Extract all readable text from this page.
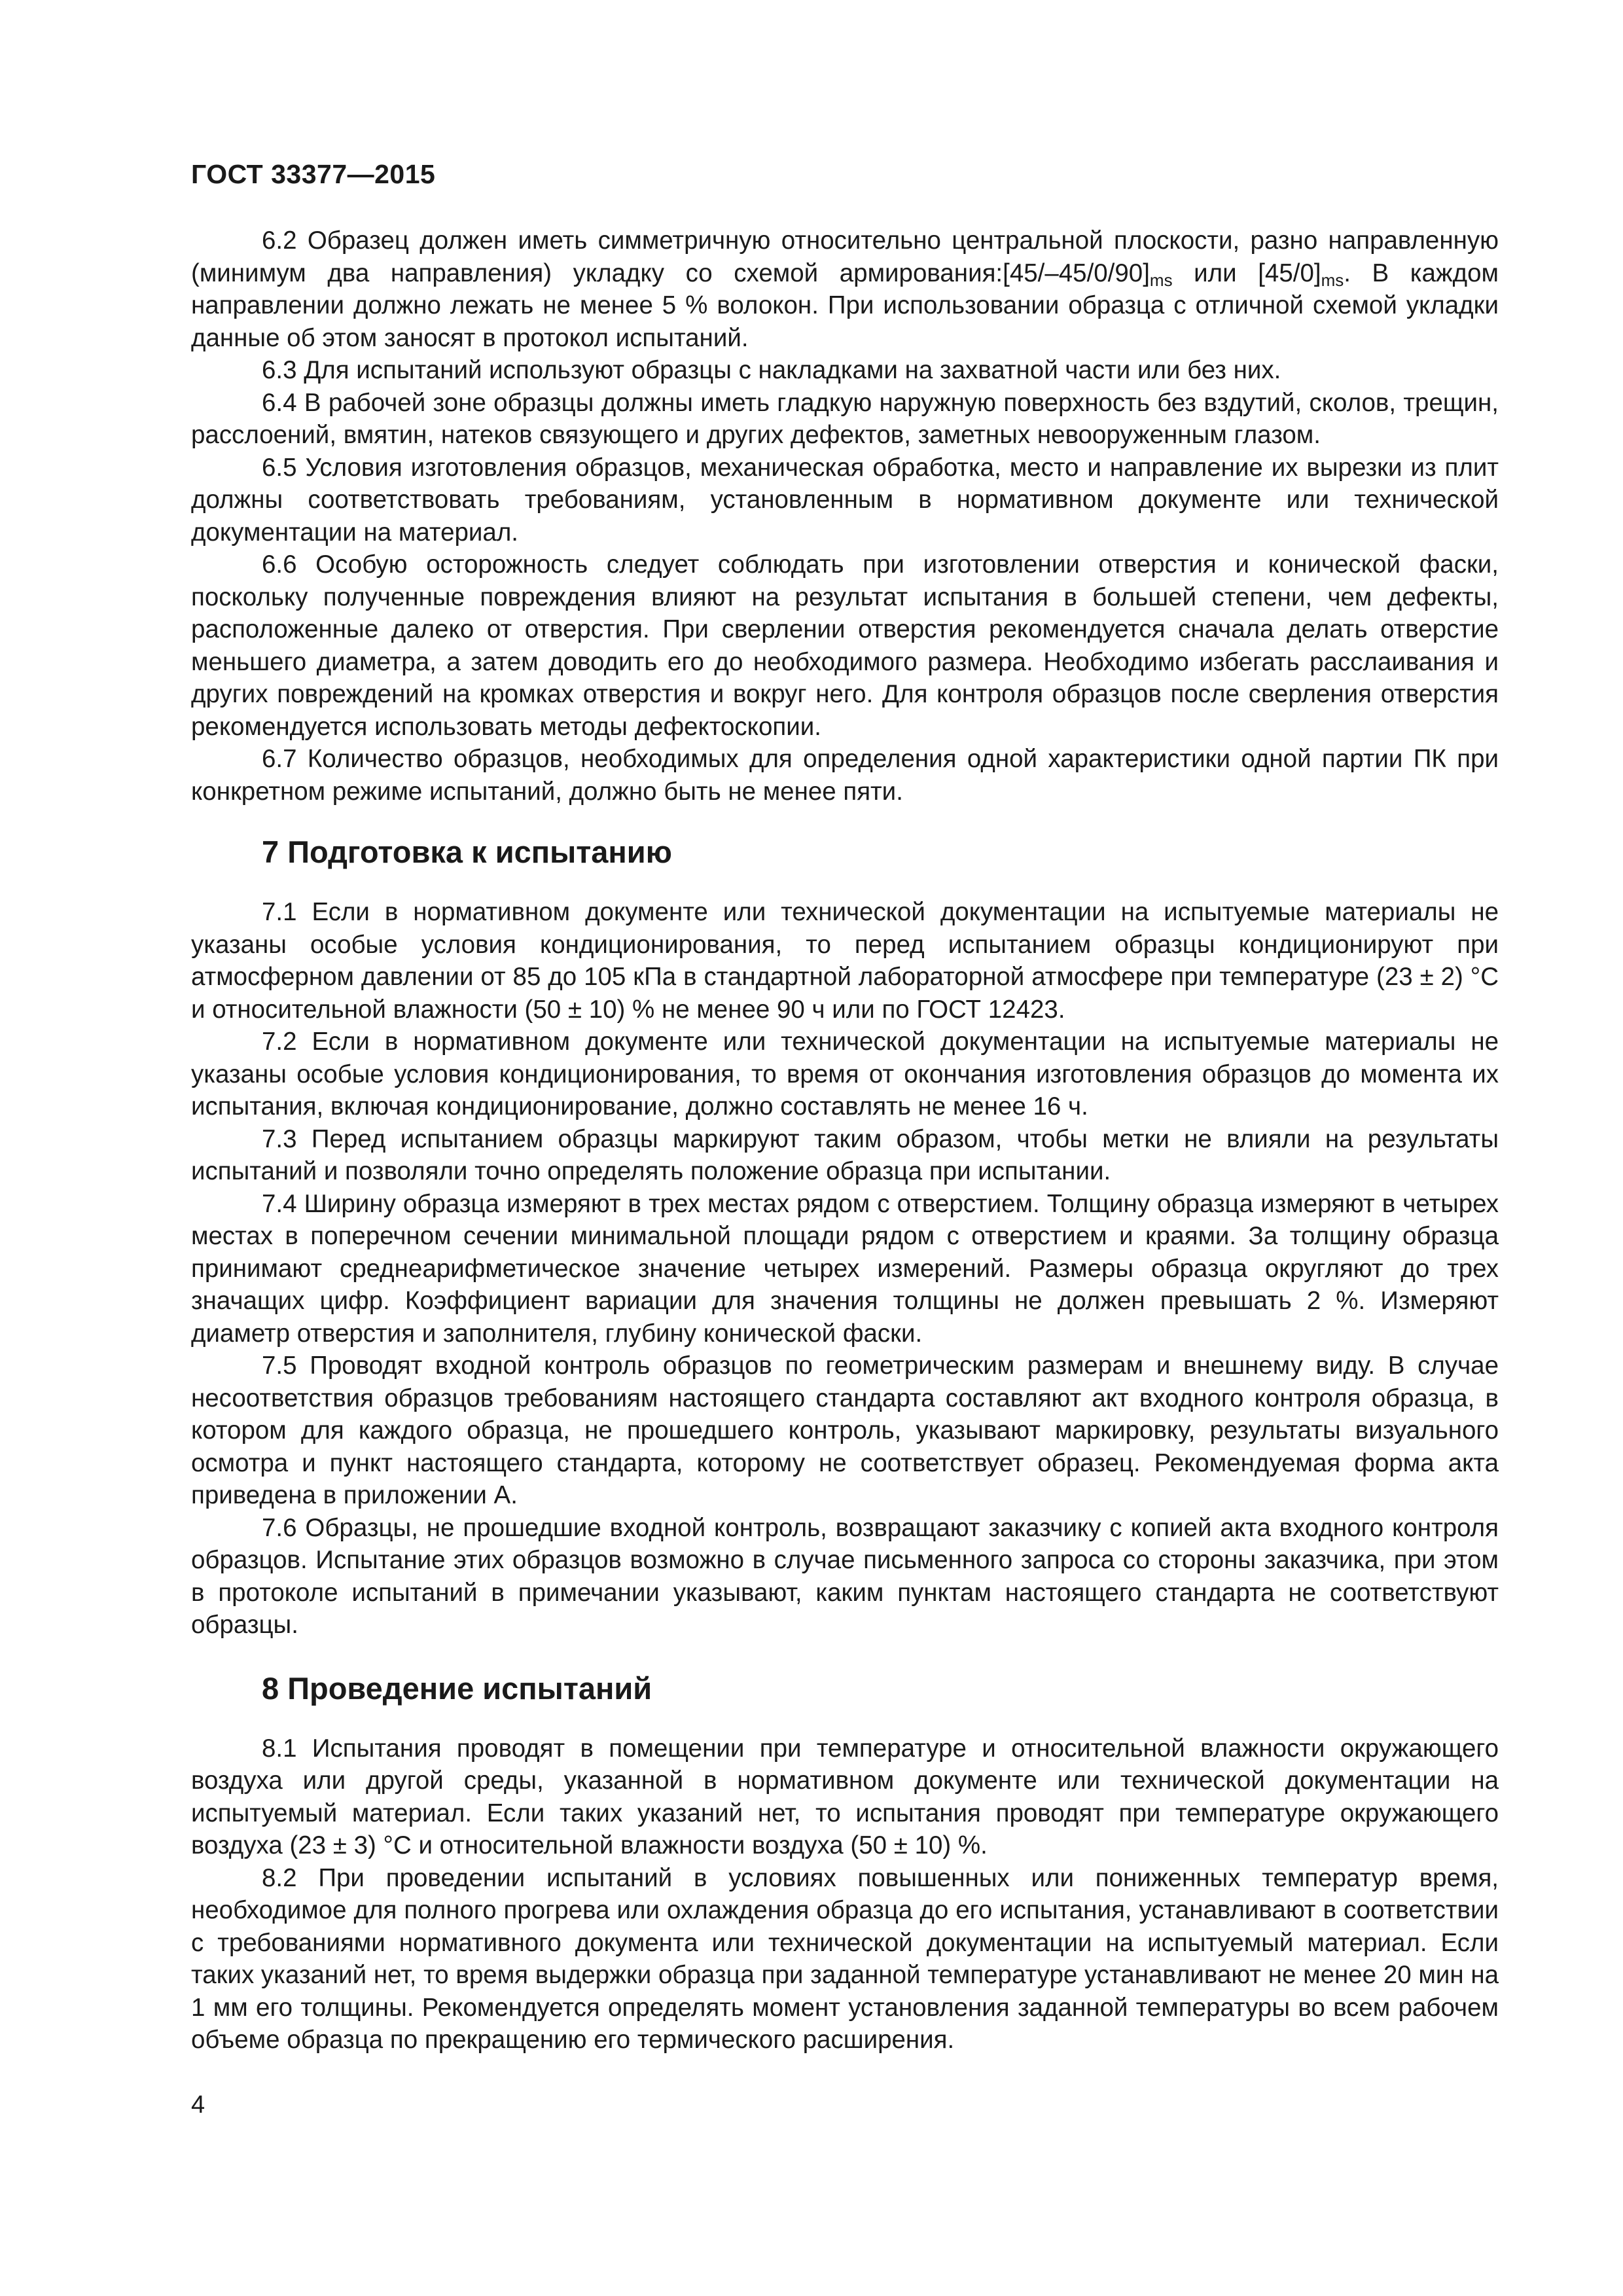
ГОСТ 33377—2015

6.2 Образец должен иметь симметричную относительно центральной плоскости, разно направленную (минимум два направления) укладку со схемой $армирования:[45/-45/0/90]_{ms}$ или $[45/0]_{ms}$. В каждом направлении должно лежать не менее 5 % волокон. При использовании образца с отличной схемой укладки данные об этом заносят в протокол испытаний.

6.3 Для испытаний используют образцы с накладками на захватной части или без них.

6.4 В рабочей зоне образцы должны иметь гладкую наружную поверхность без вздутий, сколов, трещин, расслоений, вмятин, натеков связующего и других дефектов, заметных невооруженным глазом.

6.5 Условия изготовления образцов, механическая обработка, место и направление их вырезки из плит должны соответствовать требованиям, установленным в нормативном документе или технической документации на материал.

6.6 Особую осторожность следует соблюдать при изготовлении отверстия и конической фаски, поскольку полученные повреждения влияют на результат испытания в большей степени, чем дефекты, расположенные далеко от отверстия. При сверлении отверстия рекомендуется сначала делать отверстие меньшего диаметра, а затем доводить его до необходимого размера. Необходимо избегать расслаивания и других повреждений на кромках отверстия и вокруг него. Для контроля образцов после сверления отверстия рекомендуется использовать методы дефектоскопии.

6.7 Количество образцов, необходимых для определения одной характеристики одной партии ПК при конкретном режиме испытаний, должно быть не менее пяти.

7 Подготовка к испытанию

7.1 Если в нормативном документе или технической документации на испытуемые материалы не указаны особые условия кондиционирования, то перед испытанием образцы кондиционируют при атмосферном давлении от 85 до 105 кПа в стандартной лабораторной атмосфере при температуре (23 ± 2) °С и относительной влажности (50 ± 10) % не менее 90 ч или по ГОСТ 12423.

7.2 Если в нормативном документе или технической документации на испытуемые материалы не указаны особые условия кондиционирования, то время от окончания изготовления образцов до момента их испытания, включая кондиционирование, должно составлять не менее 16 ч.

7.3 Перед испытанием образцы маркируют таким образом, чтобы метки не влияли на результаты испытаний и позволяли точно определять положение образца при испытании.

7.4 Ширину образца измеряют в трех местах рядом с отверстием. Толщину образца измеряют в четырех местах в поперечном сечении минимальной площади рядом с отверстием и краями. За толщину образца принимают среднеарифметическое значение четырех измерений. Размеры образца округляют до трех значащих цифр. Коэффициент вариации для значения толщины не должен превышать 2 %. Измеряют диаметр отверстия и заполнителя, глубину конической фаски.

7.5 Проводят входной контроль образцов по геометрическим размерам и внешнему виду. В случае несоответствия образцов требованиям настоящего стандарта составляют акт входного контроля образца, в котором для каждого образца, не прошедшего контроль, указывают маркировку, результаты визуального осмотра и пункт настоящего стандарта, которому не соответствует образец. Рекомендуемая форма акта приведена в приложении А.

7.6 Образцы, не прошедшие входной контроль, возвращают заказчику с копией акта входного контроля образцов. Испытание этих образцов возможно в случае письменного запроса со стороны заказчика, при этом в протоколе испытаний в примечании указывают, каким пунктам настоящего стандарта не соответствуют образцы.

8 Проведение испытаний

8.1 Испытания проводят в помещении при температуре и относительной влажности окружающего воздуха или другой среды, указанной в нормативном документе или технической документации на испытуемый материал. Если таких указаний нет, то испытания проводят при температуре окружающего воздуха (23 ± 3) °С и относительной влажности воздуха (50 ± 10) %.

8.2 При проведении испытаний в условиях повышенных или пониженных температур время, необходимое для полного прогрева или охлаждения образца до его испытания, устанавливают в соответствии с требованиями нормативного документа или технической документации на испытуемый материал. Если таких указаний нет, то время выдержки образца при заданной температуре устанавливают не менее 20 мин на 1 мм его толщины. Рекомендуется определять момент установления заданной температуры во всем рабочем объеме образца по прекращению его термического расширения.

4
